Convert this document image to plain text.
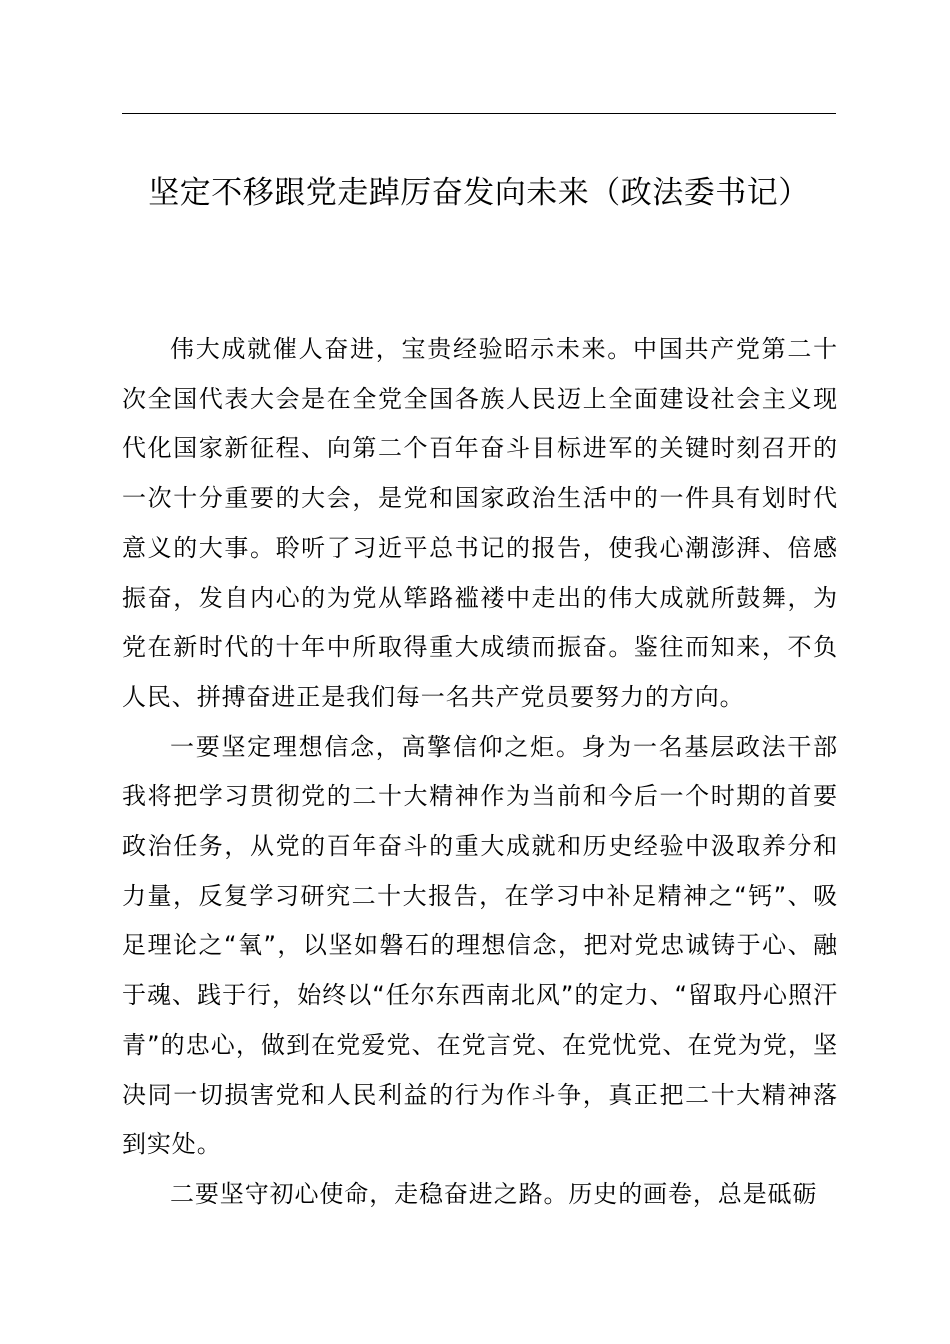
坚定不移跟党走踔厉奋发向未来（政法委书记）

伟大成就催人奋进，宝贵经验昭示未来。中国共产党第二十次全国代表大会是在全党全国各族人民迈上全面建设社会主义现代化国家新征程、向第二个百年奋斗目标进军的关键时刻召开的一次十分重要的大会，是党和国家政治生活中的一件具有划时代意义的大事。聆听了习近平总书记的报告，使我心潮澎湃、倍感振奋，发自内心的为党从筚路褴褛中走出的伟大成就所鼓舞，为党在新时代的十年中所取得重大成绩而振奋。鉴往而知来，不负人民、拼搏奋进正是我们每一名共产党员要努力的方向。

一要坚定理想信念，高擎信仰之炬。身为一名基层政法干部我将把学习贯彻党的二十大精神作为当前和今后一个时期的首要政治任务，从党的百年奋斗的重大成就和历史经验中汲取养分和力量，反复学习研究二十大报告，在学习中补足精神之“钙”、吸足理论之“氧”，以坚如磐石的理想信念，把对党忠诚铸于心、融于魂、践于行，始终以“任尔东西南北风”的定力、“留取丹心照汗青”的忠心，做到在党爱党、在党言党、在党忧党、在党为党，坚决同一切损害党和人民利益的行为作斗争，真正把二十大精神落到实处。

二要坚守初心使命，走稳奋进之路。历史的画卷，总是砥砺
